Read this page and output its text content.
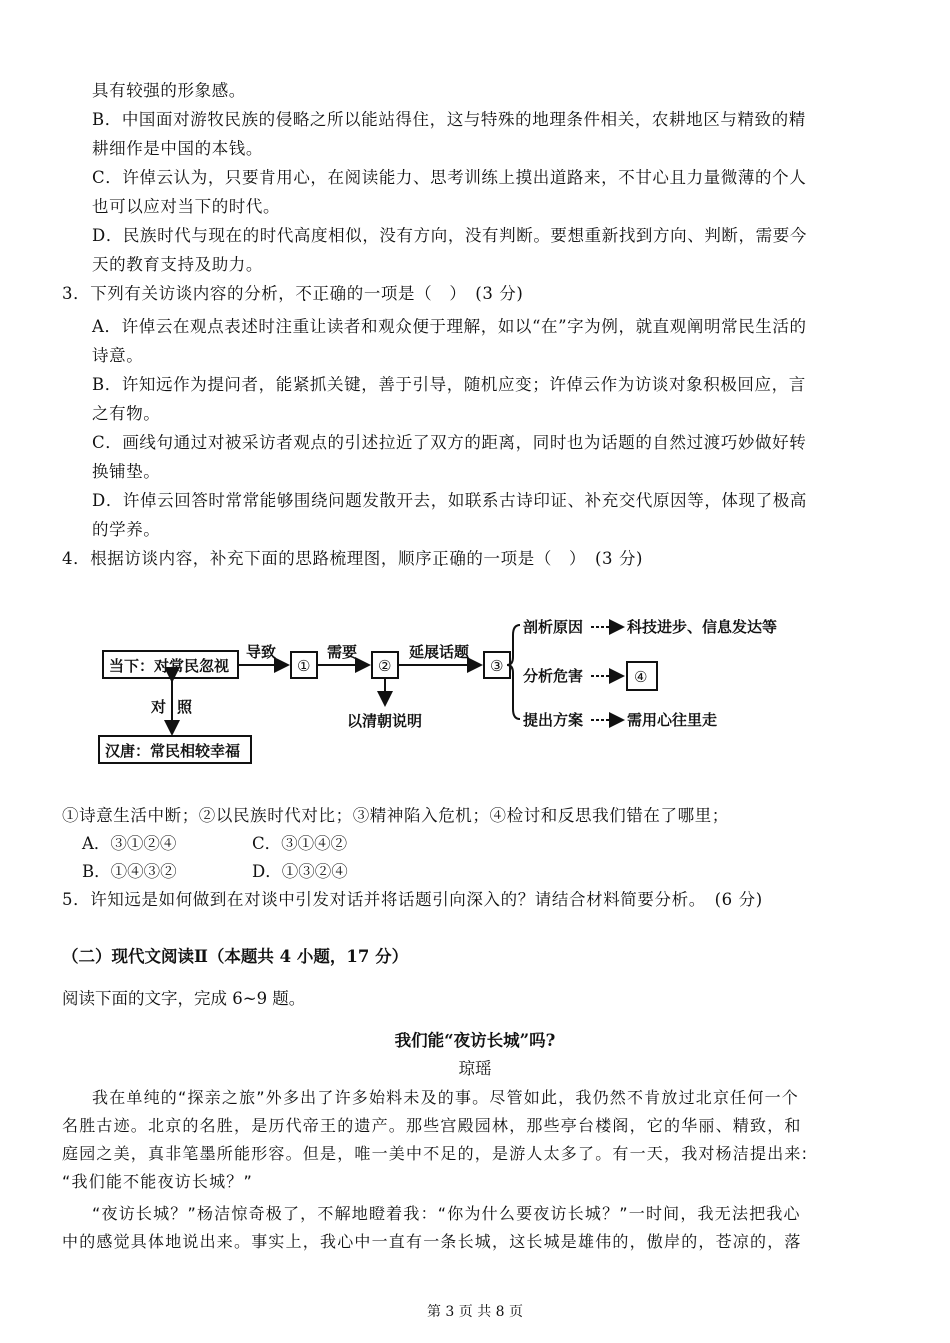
具有较强的形象感。
B．中国面对游牧民族的侵略之所以能站得住，这与特殊的地理条件相关，农耕地区与精致的精
耕细作是中国的本钱。
C．许倬云认为，只要肯用心，在阅读能力、思考训练上摸出道路来，不甘心且力量微薄的个人
也可以应对当下的时代。
D．民族时代与现在的时代高度相似，没有方向，没有判断。要想重新找到方向、判断，需要今
天的教育支持及助力。
3．下列有关访谈内容的分析，不正确的一项是（　）　(3 分)
A．许倬云在观点表述时注重让读者和观众便于理解，如以“在”字为例，就直观阐明常民生活的
诗意。
B．许知远作为提问者，能紧抓关键，善于引导，随机应变；许倬云作为访谈对象积极回应，言
之有物。
C．画线句通过对被采访者观点的引述拉近了双方的距离，同时也为话题的自然过渡巧妙做好转
换铺垫。
D．许倬云回答时常常能够围绕问题发散开去，如联系古诗印证、补充交代原因等，体现了极高
的学养。
4．根据访谈内容，补充下面的思路梳理图，顺序正确的一项是（　）　(3 分)
当下：对常民忽视
汉唐：常民相较幸福
对 照
导致
①
需要
②
以清朝说明
延展话题
③
剖析原因	科技进步、信息发达等
分析危害	④
提出方案	需用心往里走
①诗意生活中断；②以民族时代对比；③精神陷入危机；④检讨和反思我们错在了哪里；
A．③①②④	C．③①④②
B．①④③②	D．①③②④
5．许知远是如何做到在对谈中引发对话并将话题引向深入的？请结合材料简要分析。　(6 分)
（二）现代文阅读Ⅱ（本题共 4 小题，17 分）
阅读下面的文字，完成 6~9 题。
我们能“夜访长城”吗?
琼瑶
我在单纯的“探亲之旅”外多出了许多始料未及的事。尽管如此，我仍然不肯放过北京任何一个
名胜古迹。北京的名胜，是历代帝王的遗产。那些宫殿园林，那些亭台楼阁，它的华丽、精致，和
庭园之美，真非笔墨所能形容。但是，唯一美中不足的，是游人太多了。有一天，我对杨洁提出来:
“我们能不能夜访长城？”
“夜访长城？”杨洁惊奇极了，不解地瞪着我：“你为什么要夜访长城？”一时间，我无法把我心
中的感觉具体地说出来。事实上，我心中一直有一条长城，这长城是雄伟的，傲岸的，苍凉的，落
第 3 页 共 8 页
